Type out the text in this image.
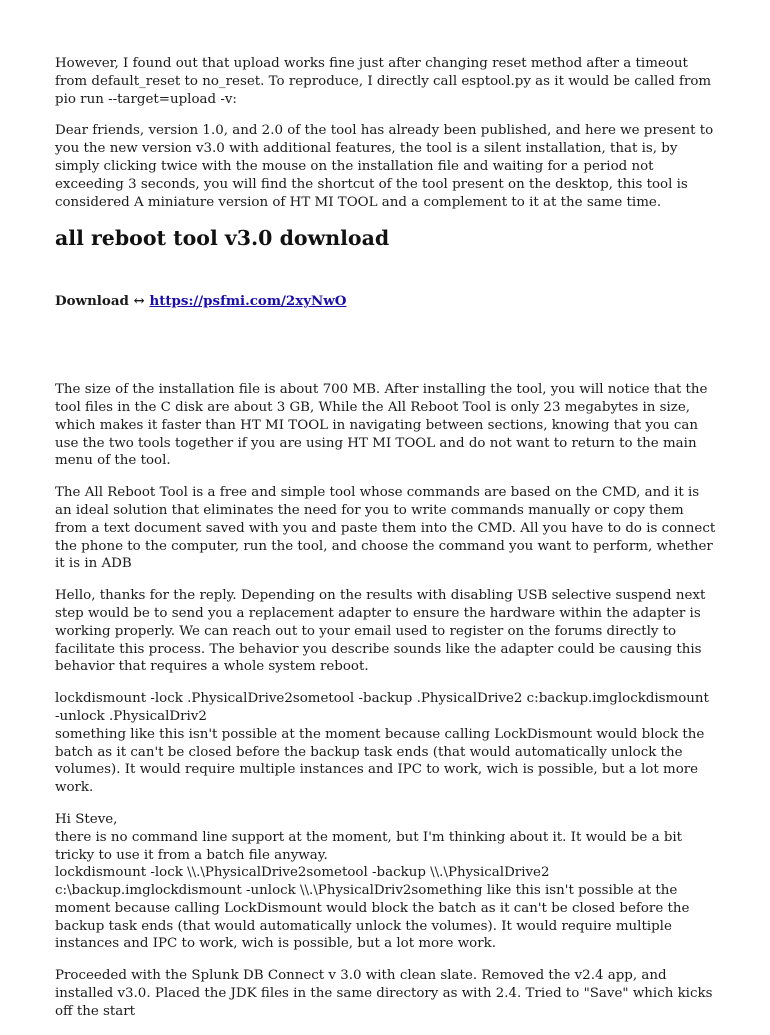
However, I found out that upload works fine just after changing reset method after a timeout from default_reset to no_reset. To reproduce, I directly call esptool.py as it would be called from pio run --target=upload -v:

Dear friends, version 1.0, and 2.0 of the tool has already been published, and here we present to you the new version v3.0 with additional features, the tool is a silent installation, that is, by simply clicking twice with the mouse on the installation file and waiting for a period not exceeding 3 seconds, you will find the shortcut of the tool present on the desktop, this tool is considered A miniature version of HT MI TOOL and a complement to it at the same time.

all reboot tool v3.0 download
Download ↔ https://psfmi.com/2xyNwO

The size of the installation file is about 700 MB. After installing the tool, you will notice that the tool files in the C disk are about 3 GB, While the All Reboot Tool is only 23 megabytes in size, which makes it faster than HT MI TOOL in navigating between sections, knowing that you can use the two tools together if you are using HT MI TOOL and do not want to return to the main menu of the tool.

The All Reboot Tool is a free and simple tool whose commands are based on the CMD, and it is an ideal solution that eliminates the need for you to write commands manually or copy them from a text document saved with you and paste them into the CMD. All you have to do is connect the phone to the computer, run the tool, and choose the command you want to perform, whether it is in ADB

Hello, thanks for the reply. Depending on the results with disabling USB selective suspend next step would be to send you a replacement adapter to ensure the hardware within the adapter is working properly. We can reach out to your email used to register on the forums directly to facilitate this process. The behavior you describe sounds like the adapter could be causing this behavior that requires a whole system reboot.

lockdismount -lock .PhysicalDrive2sometool -backup .PhysicalDrive2 c:backup.imglockdismount -unlock .PhysicalDriv2
something like this isn't possible at the moment because calling LockDismount would block the batch as it can't be closed before the backup task ends (that would automatically unlock the volumes). It would require multiple instances and IPC to work, wich is possible, but a lot more work.

Hi Steve,
there is no command line support at the moment, but I'm thinking about it. It would be a bit tricky to use it from a batch file anyway.
lockdismount -lock \\.\PhysicalDrive2sometool -backup \\.\PhysicalDrive2 c:\backup.imglockdismount -unlock \\.\PhysicalDriv2something like this isn't possible at the moment because calling LockDismount would block the batch as it can't be closed before the backup task ends (that would automatically unlock the volumes). It would require multiple instances and IPC to work, wich is possible, but a lot more work.

Proceeded with the Splunk DB Connect v 3.0 with clean slate. Removed the v2.4 app, and installed v3.0. Placed the JDK files in the same directory as with 2.4. Tried to "Save" which kicks off the start
